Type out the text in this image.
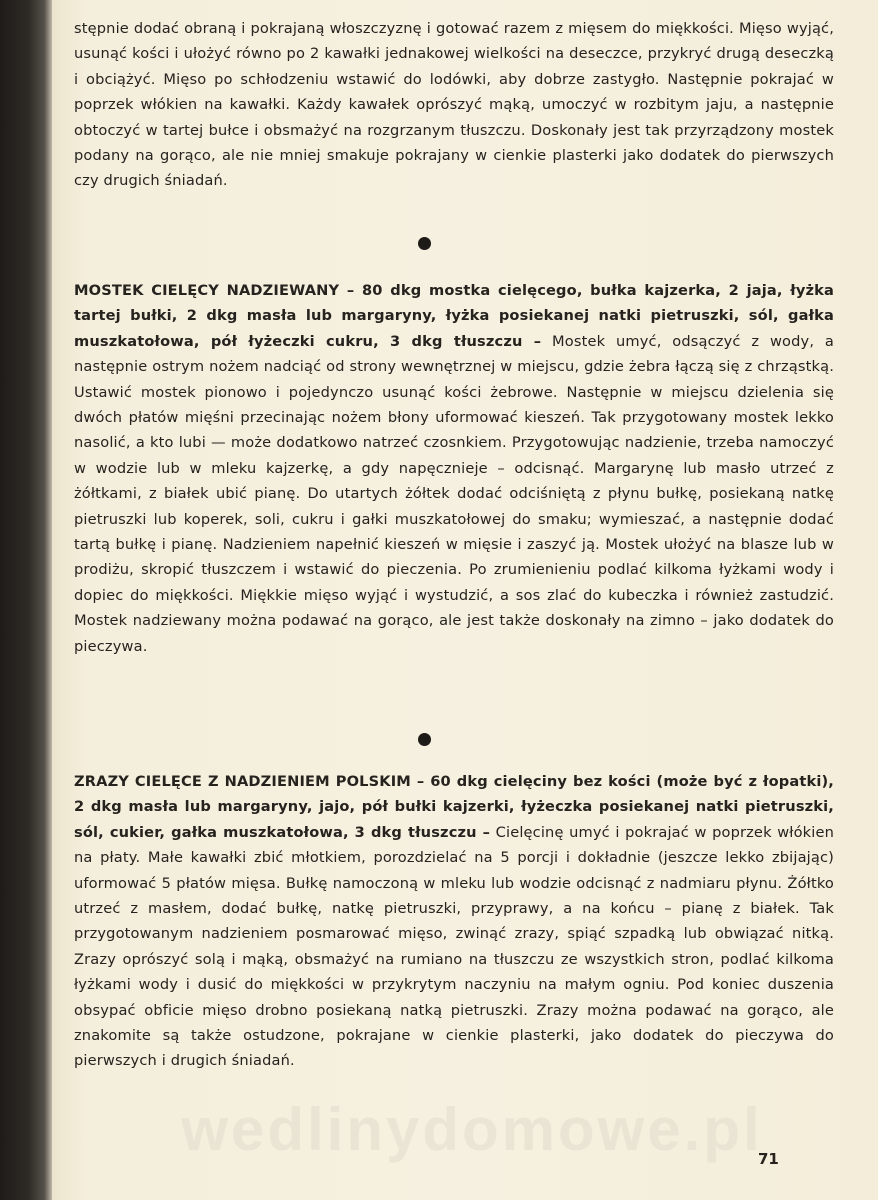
stępnie dodać obraną i pokrajaną włoszczyznę i gotować razem z mięsem do miękkości. Mięso wyjąć, usunąć kości i ułożyć równo po 2 kawałki jednakowej wielkości na deseczce, przykryć drugą deseczką i obciążyć. Mięso po schłodzeniu wstawić do lodówki, aby dobrze zastygło. Następnie pokrajać w poprzek włókien na kawałki. Każdy kawałek oprószyć mąką, umoczyć w rozbitym jaju, a następnie obtoczyć w tartej bułce i obsmażyć na rozgrzanym tłuszczu. Doskonały jest tak przyrządzony mostek podany na gorąco, ale nie mniej smakuje pokrajany w cienkie plasterki jako dodatek do pierwszych czy drugich śniadań.

MOSTEK CIELĘCY NADZIEWANY – 80 dkg mostka cielęcego, bułka kajzerka, 2 jaja, łyżka tartej bułki, 2 dkg masła lub margaryny, łyżka posiekanej natki pietruszki, sól, gałka muszkatołowa, pół łyżeczki cukru, 3 dkg tłuszczu – Mostek umyć, odsączyć z wody, a następnie ostrym nożem nadciąć od strony wewnętrznej w miejscu, gdzie żebra łączą się z chrząstką. Ustawić mostek pionowo i pojedynczo usunąć kości żebrowe. Następnie w miejscu dzielenia się dwóch płatów mięśni przecinając nożem błony uformować kieszeń. Tak przygotowany mostek lekko nasolić, a kto lubi — może dodatkowo natrzeć czosnkiem. Przygotowując nadzienie, trzeba namoczyć w wodzie lub w mleku kajzerkę, a gdy napęcznieje – odcisnąć. Margarynę lub masło utrzeć z żółtkami, z białek ubić pianę. Do utartych żółtek dodać odciśniętą z płynu bułkę, posiekaną natkę pietruszki lub koperek, soli, cukru i gałki muszkatołowej do smaku; wymieszać, a następnie dodać tartą bułkę i pianę. Nadzieniem napełnić kieszeń w mięsie i zaszyć ją. Mostek ułożyć na blasze lub w prodiżu, skropić tłuszczem i wstawić do pieczenia. Po zrumienieniu podlać kilkoma łyżkami wody i dopiec do miękkości. Miękkie mięso wyjąć i wystudzić, a sos zlać do kubeczka i również zastudzić. Mostek nadziewany można podawać na gorąco, ale jest także doskonały na zimno – jako dodatek do pieczywa.

ZRAZY CIELĘCE Z NADZIENIEM POLSKIM – 60 dkg cielęciny bez kości (może być z łopatki), 2 dkg masła lub margaryny, jajo, pół bułki kajzerki, łyżeczka posiekanej natki pietruszki, sól, cukier, gałka muszkatołowa, 3 dkg tłuszczu – Cielęcinę umyć i pokrajać w poprzek włókien na płaty. Małe kawałki zbić młotkiem, porozdzielać na 5 porcji i dokładnie (jeszcze lekko zbijając) uformować 5 płatów mięsa. Bułkę namoczoną w mleku lub wodzie odcisnąć z nadmiaru płynu. Żółtko utrzeć z masłem, dodać bułkę, natkę pietruszki, przyprawy, a na końcu – pianę z białek. Tak przygotowanym nadzieniem posmarować mięso, zwinąć zrazy, spiąć szpadką lub obwiązać nitką. Zrazy oprószyć solą i mąką, obsmażyć na rumiano na tłuszczu ze wszystkich stron, podlać kilkoma łyżkami wody i dusić do miękkości w przykrytym naczyniu na małym ogniu. Pod koniec duszenia obsypać obficie mięso drobno posiekaną natką pietruszki. Zrazy można podawać na gorąco, ale znakomite są także ostudzone, pokrajane w cienkie plasterki, jako dodatek do pieczywa do pierwszych i drugich śniadań.

wedlinydomowe.pl
71
